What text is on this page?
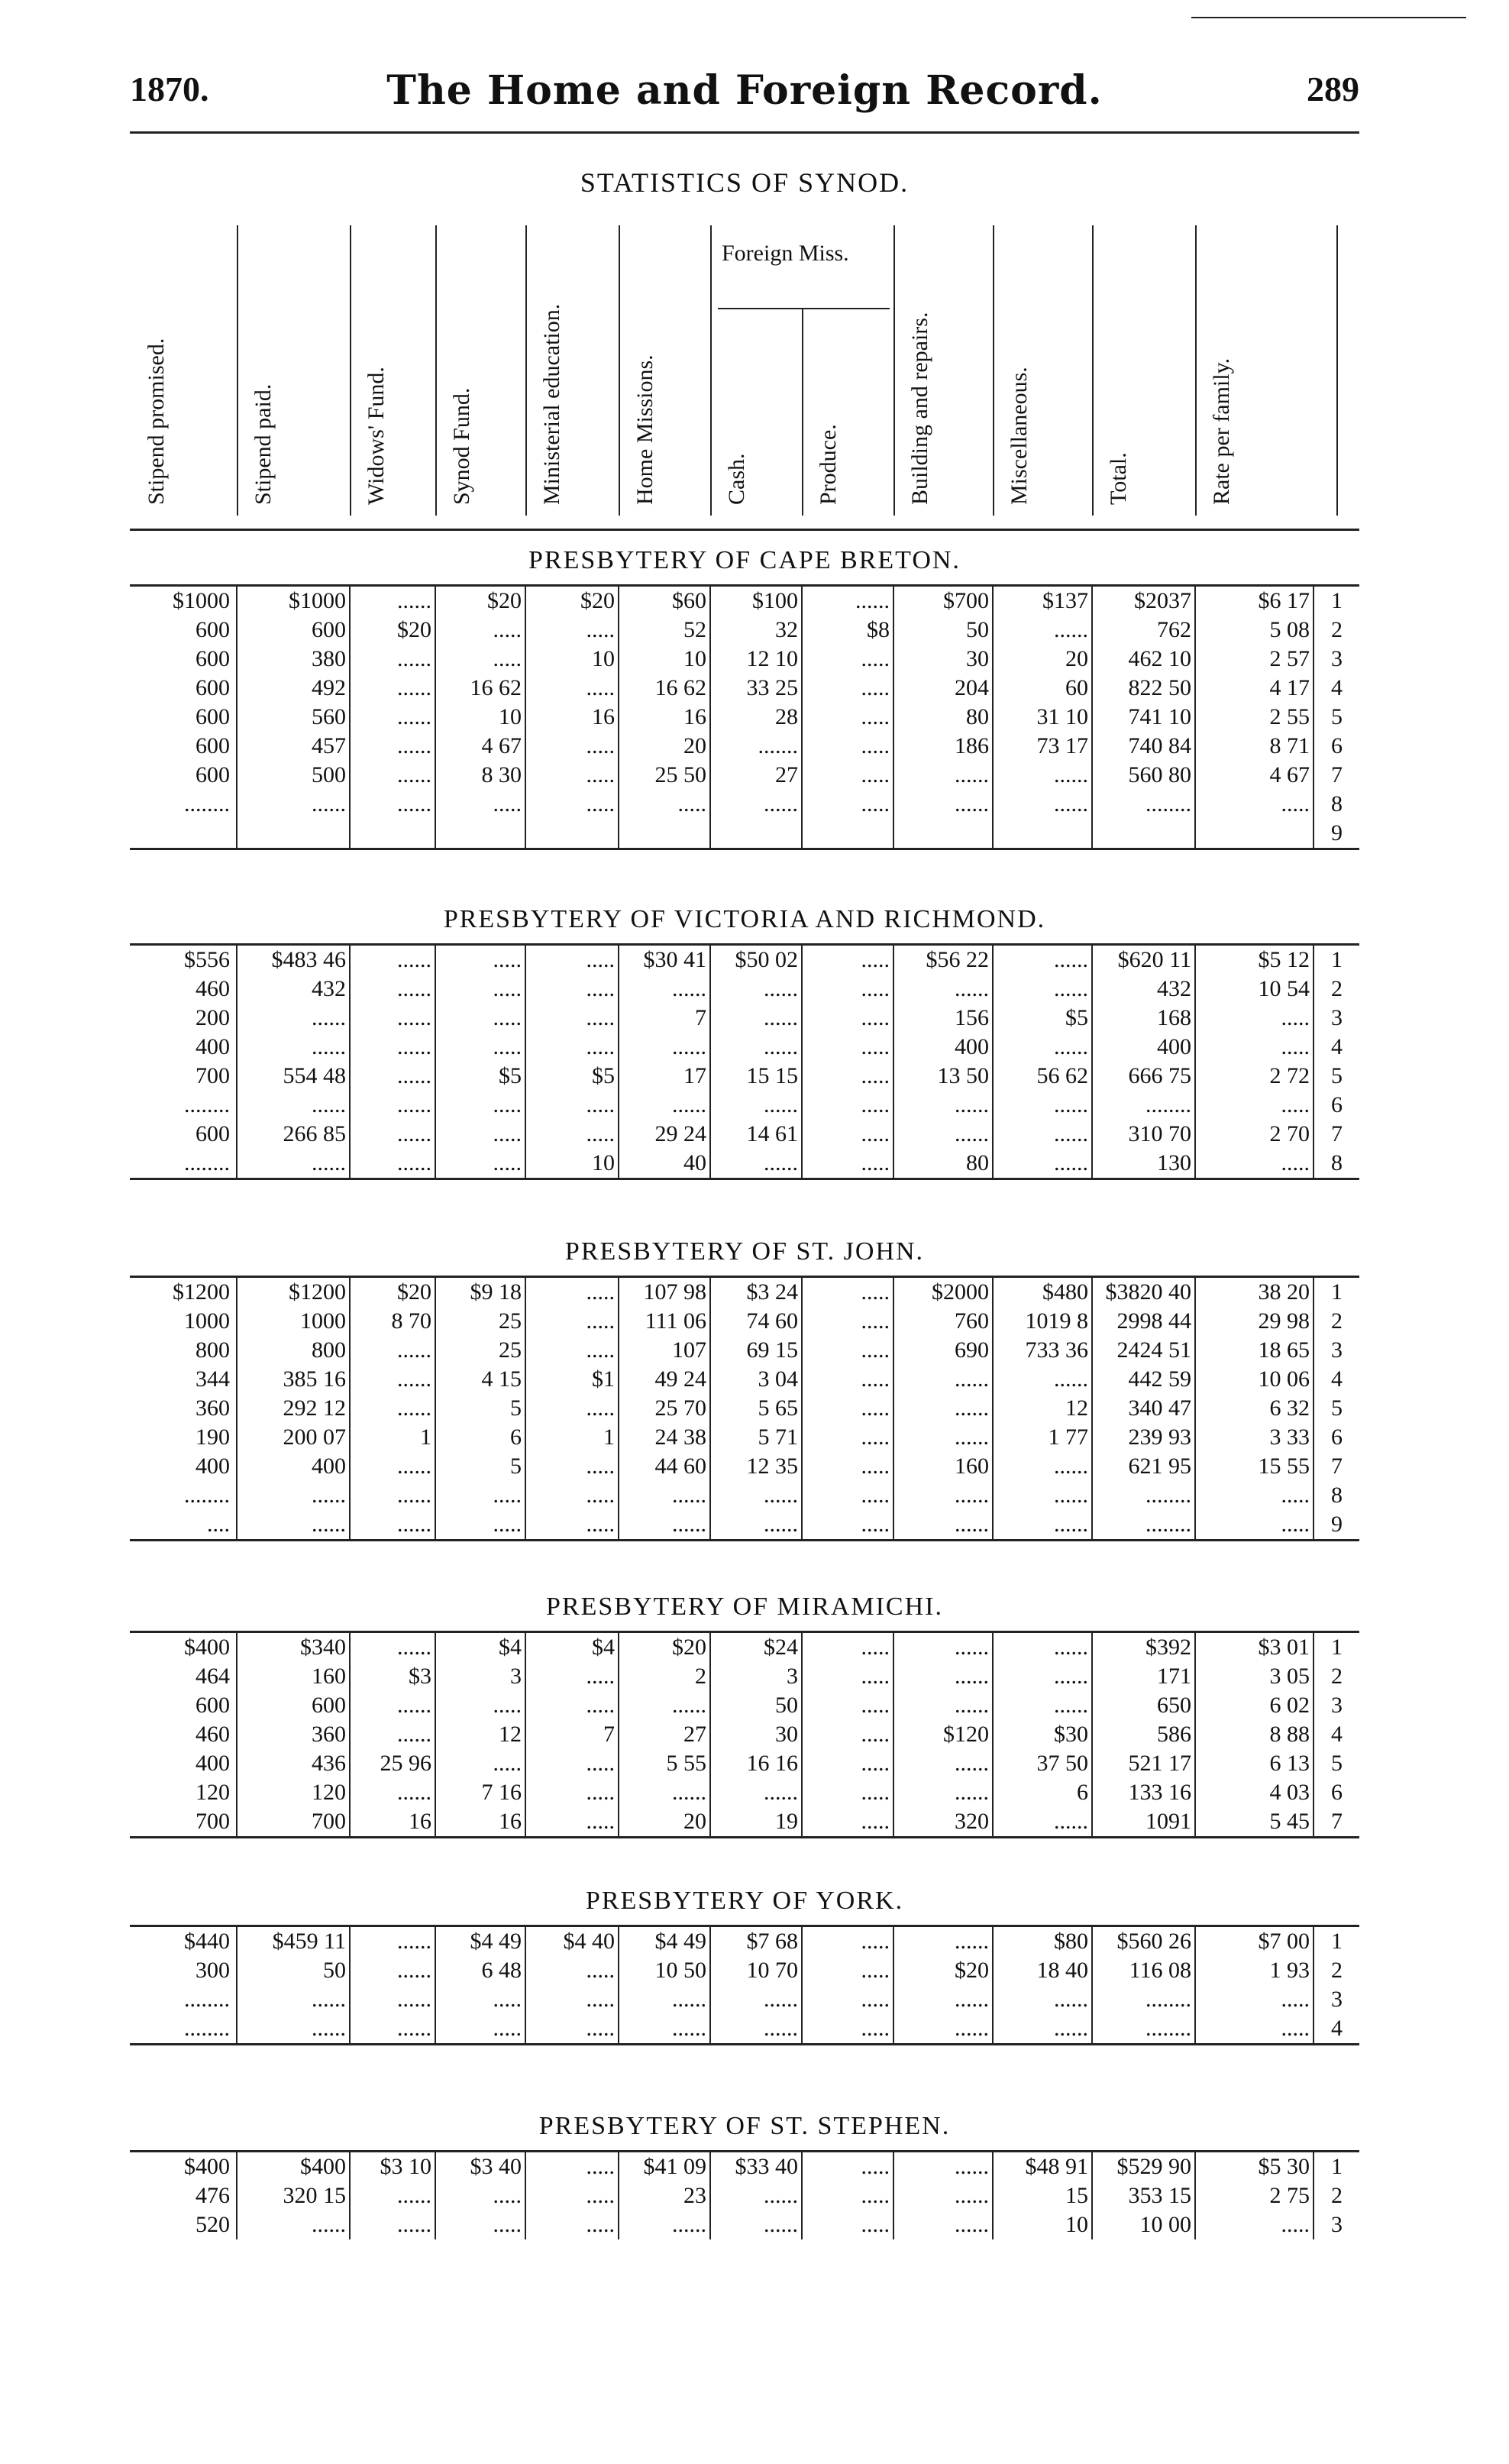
1870.	The Home and Foreign Record.	289
STATISTICS OF SYNOD.
Stipend promised.	Stipend paid.	Widows' Fund.	Synod Fund.	Ministerial education.	Home Missions.
Foreign Miss.
Cash.	Produce.	Building and repairs.	Miscellaneous.	Total.	Rate per family.
PRESBYTERY OF CAPE BRETON.
$1000	$1000	......	$20	$20	$60	$100	......	$700	$137	$2037	$6 17	1
600	600	$20	.....	.....	52	32	$8	50	......	762	5 08	2
600	380	......	.....	10	10	12 10	.....	30	20	462 10	2 57	3
600	492	......	16 62	.....	16 62	33 25	.....	204	60	822 50	4 17	4
600	560	......	10	16	16	28	.....	80	31 10	741 10	2 55	5
600	457	......	4 67	.....	20	.......	.....	186	73 17	740 84	8 71	6
600	500	......	8 30	.....	25 50	27	.....	......	......	560 80	4 67	7
........	......	......	.....	.....	.....	......	.....	......	......	........	.....	8
												9
PRESBYTERY OF VICTORIA AND RICHMOND.
$556	$483 46	......	.....	.....	$30 41	$50 02	.....	$56 22	......	$620 11	$5 12	1
460	432	......	.....	.....	......	......	.....	......	......	432	10 54	2
200	......	......	.....	.....	7	......	.....	156	$5	168	.....	3
400	......	......	.....	.....	......	......	.....	400	......	400	.....	4
700	554 48	......	$5	$5	17	15 15	.....	13 50	56 62	666 75	2 72	5
........	......	......	.....	.....	......	......	.....	......	......	........	.....	6
600	266 85	......	.....	.....	29 24	14 61	.....	......	......	310 70	2 70	7
........	......	......	.....	10	40	......	.....	80	......	130	.....	8
PRESBYTERY OF ST. JOHN.
$1200	$1200	$20	$9 18	.....	107 98	$3 24	.....	$2000	$480	$3820 40	38 20	1
1000	1000	8 70	25	.....	111 06	74 60	.....	760	1019 8	2998 44	29 98	2
800	800	......	25	.....	107	69 15	.....	690	733 36	2424 51	18 65	3
344	385 16	......	4 15	$1	49 24	3 04	.....	......	......	442 59	10 06	4
360	292 12	......	5	.....	25 70	5 65	.....	......	12	340 47	6 32	5
190	200 07	1	6	1	24 38	5 71	.....	......	1 77	239 93	3 33	6
400	400	......	5	.....	44 60	12 35	.....	160	......	621 95	15 55	7
........	......	......	.....	.....	......	......	.....	......	......	........	.....	8
....	......	......	.....	.....	......	......	.....	......	......	........	.....	9
PRESBYTERY OF MIRAMICHI.
$400	$340	......	$4	$4	$20	$24	.....	......	......	$392	$3 01	1
464	160	$3	3	.....	2	3	.....	......	......	171	3 05	2
600	600	......	.....	.....	......	50	.....	......	......	650	6 02	3
460	360	......	12	7	27	30	.....	$120	$30	586	8 88	4
400	436	25 96	.....	.....	5 55	16 16	.....	......	37 50	521 17	6 13	5
120	120	......	7 16	.....	......	......	.....	......	6	133 16	4 03	6
700	700	16	16	.....	20	19	.....	320	......	1091	5 45	7
PRESBYTERY OF YORK.
$440	$459 11	......	$4 49	$4 40	$4 49	$7 68	.....	......	$80	$560 26	$7 00	1
300	50	......	6 48	.....	10 50	10 70	.....	$20	18 40	116 08	1 93	2
........	......	......	.....	.....	......	......	.....	......	......	........	.....	3
........	......	......	.....	.....	......	......	.....	......	......	........	.....	4
PRESBYTERY OF ST. STEPHEN.
$400	$400	$3 10	$3 40	.....	$41 09	$33 40	.....	......	$48 91	$529 90	$5 30	1
476	320 15	......	.....	.....	23	......	.....	......	15	353 15	2 75	2
520	......	......	.....	.....	......	......	.....	......	10	10 00	.....	3
